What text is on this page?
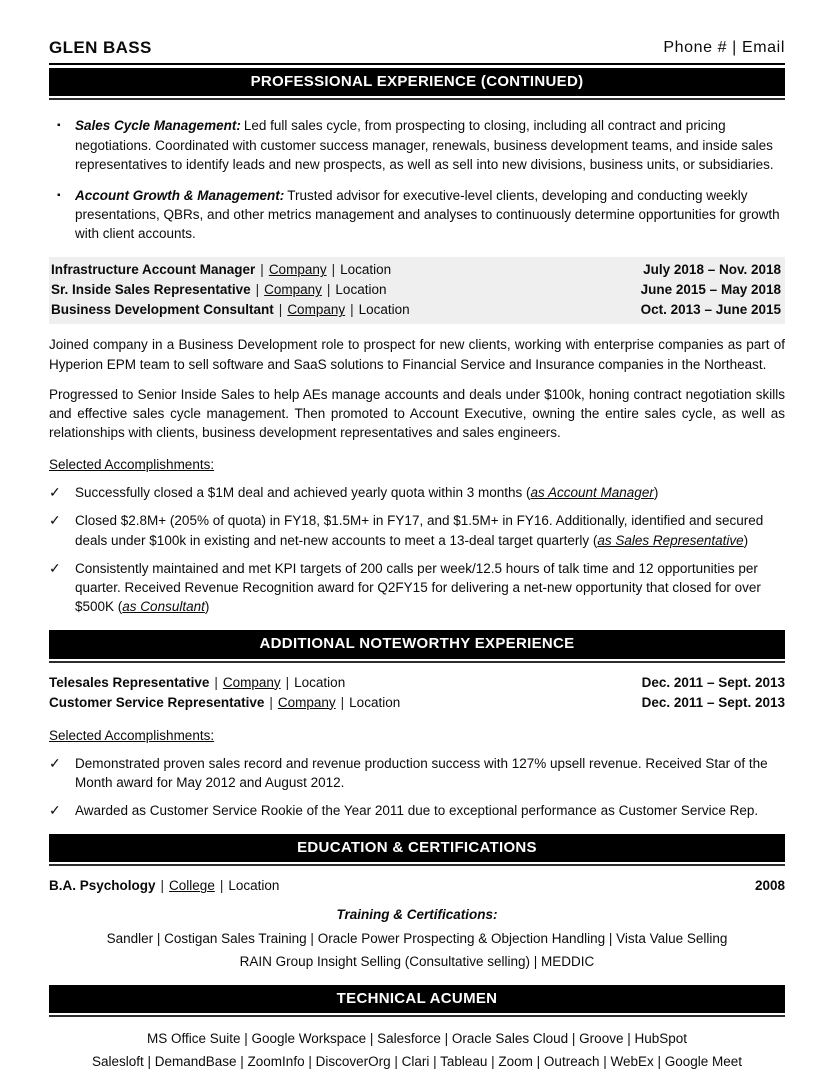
GLEN BASS	Phone # | Email
PROFESSIONAL EXPERIENCE (CONTINUED)
▪	Sales Cycle Management: Led full sales cycle, from prospecting to closing, including all contract and pricing negotiations. Coordinated with customer success manager, renewals, business development teams, and inside sales representatives to identify leads and new prospects, as well as sell into new divisions, business units, or subsidiaries.
▪	Account Growth & Management: Trusted advisor for executive-level clients, developing and conducting weekly presentations, QBRs, and other metrics management and analyses to continuously determine opportunities for growth with client accounts.
Infrastructure Account Manager | Company | Location	July 2018 – Nov. 2018
Sr. Inside Sales Representative | Company | Location	June 2015 – May 2018
Business Development Consultant | Company | Location	Oct. 2013 – June 2015
Joined company in a Business Development role to prospect for new clients, working with enterprise companies as part of Hyperion EPM team to sell software and SaaS solutions to Financial Service and Insurance companies in the Northeast.
Progressed to Senior Inside Sales to help AEs manage accounts and deals under $100k, honing contract negotiation skills and effective sales cycle management. Then promoted to Account Executive, owning the entire sales cycle, as well as relationships with clients, business development representatives and sales engineers.
Selected Accomplishments:
✓	Successfully closed a $1M deal and achieved yearly quota within 3 months (as Account Manager)
✓	Closed $2.8M+ (205% of quota) in FY18, $1.5M+ in FY17, and $1.5M+ in FY16. Additionally, identified and secured deals under $100k in existing and net-new accounts to meet a 13-deal target quarterly (as Sales Representative)
✓	Consistently maintained and met KPI targets of 200 calls per week/12.5 hours of talk time and 12 opportunities per quarter. Received Revenue Recognition award for Q2FY15 for delivering a net-new opportunity that closed for over $500K (as Consultant)
ADDITIONAL NOTEWORTHY EXPERIENCE
Telesales Representative | Company | Location	Dec. 2011 – Sept. 2013
Customer Service Representative | Company | Location	Dec. 2011 – Sept. 2013
Selected Accomplishments:
✓	Demonstrated proven sales record and revenue production success with 127% upsell revenue. Received Star of the Month award for May 2012 and August 2012.
✓	Awarded as Customer Service Rookie of the Year 2011 due to exceptional performance as Customer Service Rep.
EDUCATION & CERTIFICATIONS
B.A. Psychology | College | Location	2008
Training & Certifications:
Sandler | Costigan Sales Training | Oracle Power Prospecting & Objection Handling | Vista Value Selling
RAIN Group Insight Selling (Consultative selling) | MEDDIC
TECHNICAL ACUMEN
MS Office Suite | Google Workspace | Salesforce | Oracle Sales Cloud | Groove | HubSpot
Salesloft | DemandBase | ZoomInfo | DiscoverOrg | Clari | Tableau | Zoom | Outreach | WebEx | Google Meet
